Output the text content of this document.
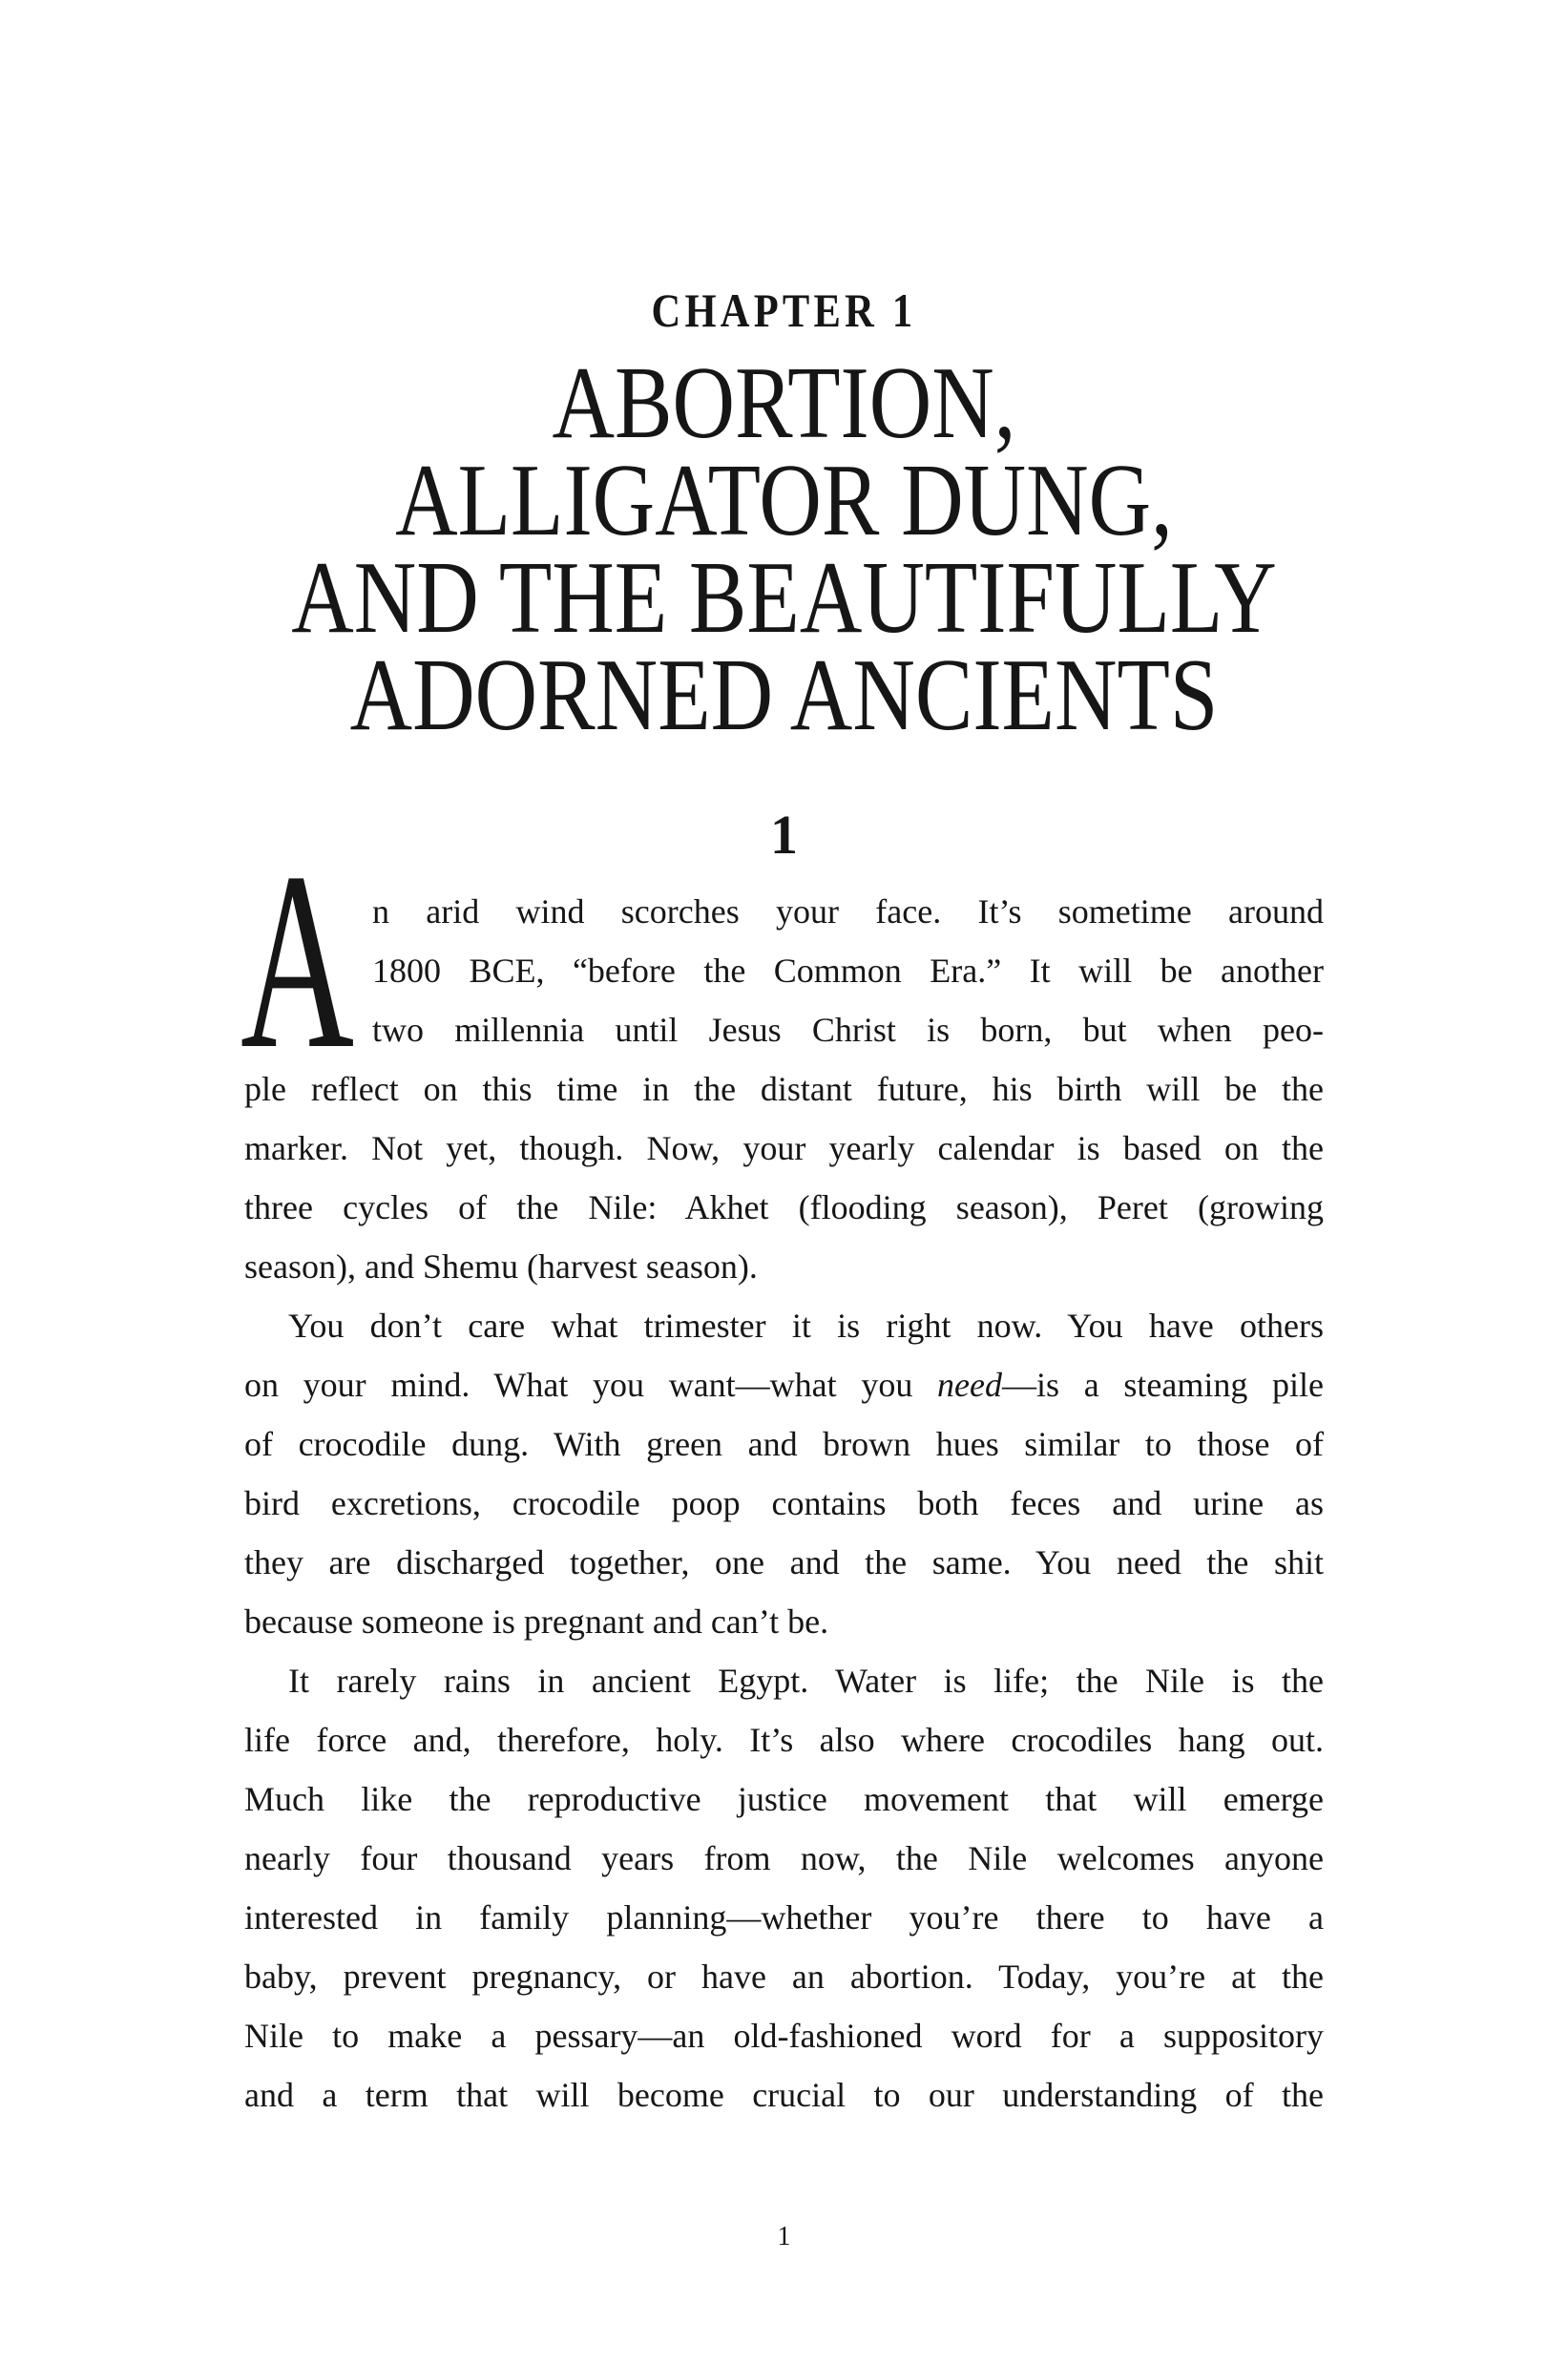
CHAPTER 1
ABORTION,
ALLIGATOR DUNG,
AND THE BEAUTIFULLY
ADORNED ANCIENTS
1
A n arid wind scorches your face. It’s sometime around
1800 BCE, “before the Common Era.” It will be another
two millennia until Jesus Christ is born, but when peo-
ple reflect on this time in the distant future, his birth will be the
marker. Not yet, though. Now, your yearly calendar is based on the
three cycles of the Nile: Akhet (flooding season), Peret (growing
season), and Shemu (harvest season).
You don’t care what trimester it is right now. You have others
on your mind. What you want—what you need—is a steaming pile
of crocodile dung. With green and brown hues similar to those of
bird excretions, crocodile poop contains both feces and urine as
they are discharged together, one and the same. You need the shit
because someone is pregnant and can’t be.
It rarely rains in ancient Egypt. Water is life; the Nile is the
life force and, therefore, holy. It’s also where crocodiles hang out.
Much like the reproductive justice movement that will emerge
nearly four thousand years from now, the Nile welcomes anyone
interested in family planning—whether you’re there to have a
baby, prevent pregnancy, or have an abortion. Today, you’re at the
Nile to make a pessary—an old-fashioned word for a suppository
and a term that will become crucial to our understanding of the
1
